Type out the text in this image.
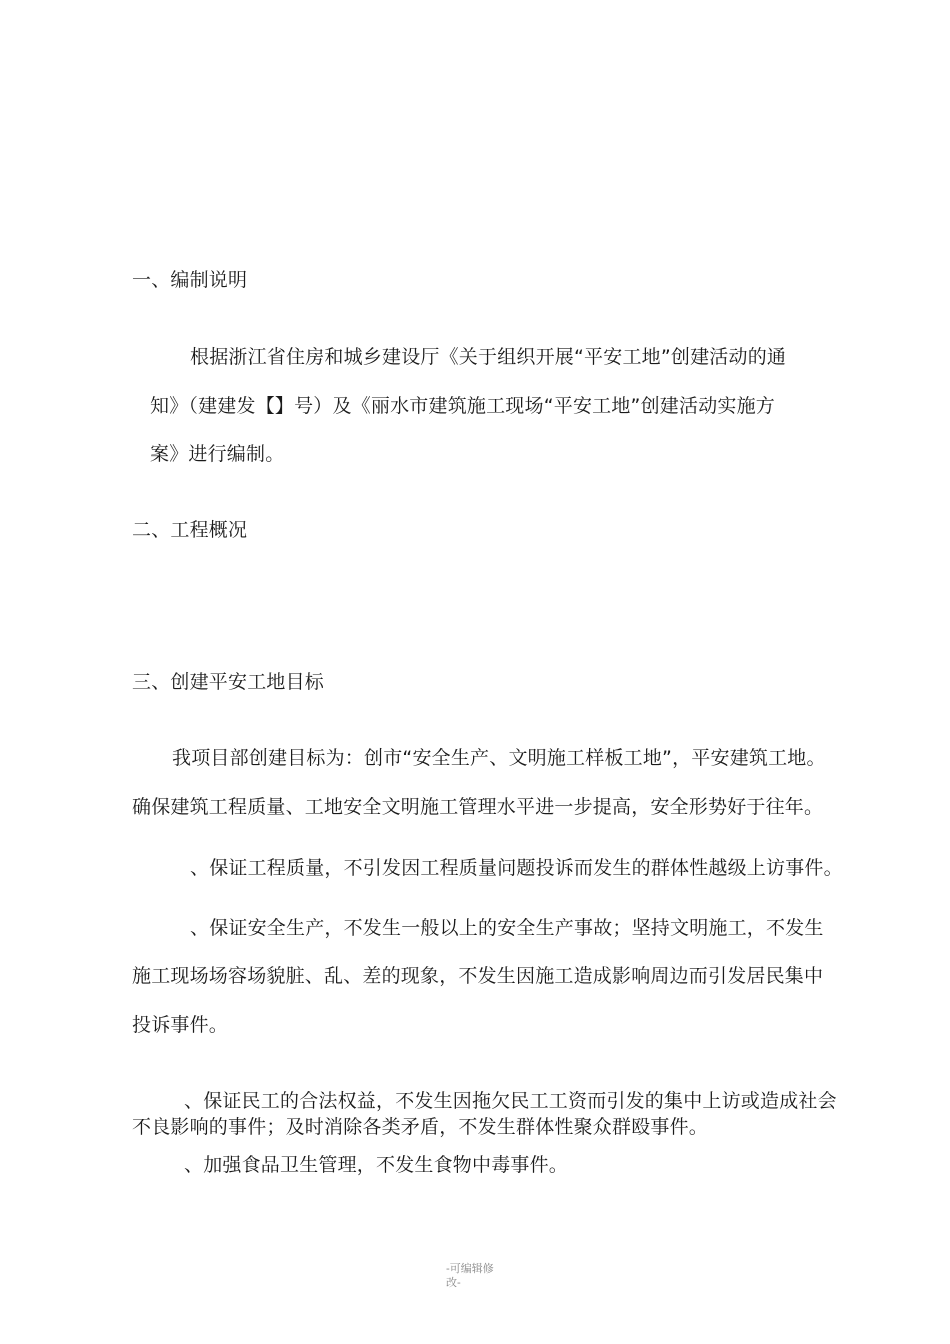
一、编制说明
根据浙江省住房和城乡建设厅《关于组织开展“平安工地”创建活动的通
知》（建建发【】号）及《丽水市建筑施工现场“平安工地”创建活动实施方
案》进行编制。
二、工程概况
三、创建平安工地目标
我项目部创建目标为：创市“安全生产、文明施工样板工地”，平安建筑工地。
确保建筑工程质量、工地安全文明施工管理水平进一步提高，安全形势好于往年。
、保证工程质量，不引发因工程质量问题投诉而发生的群体性越级上访事件。
、保证安全生产，不发生一般以上的安全生产事故；坚持文明施工，不发生
施工现场场容场貌脏、乱、差的现象，不发生因施工造成影响周边而引发居民集中
投诉事件。
、保证民工的合法权益，不发生因拖欠民工工资而引发的集中上访或造成社会
不良影响的事件；及时消除各类矛盾，不发生群体性聚众群殴事件。
、加强食品卫生管理，不发生食物中毒事件。
-可编辑修改-
